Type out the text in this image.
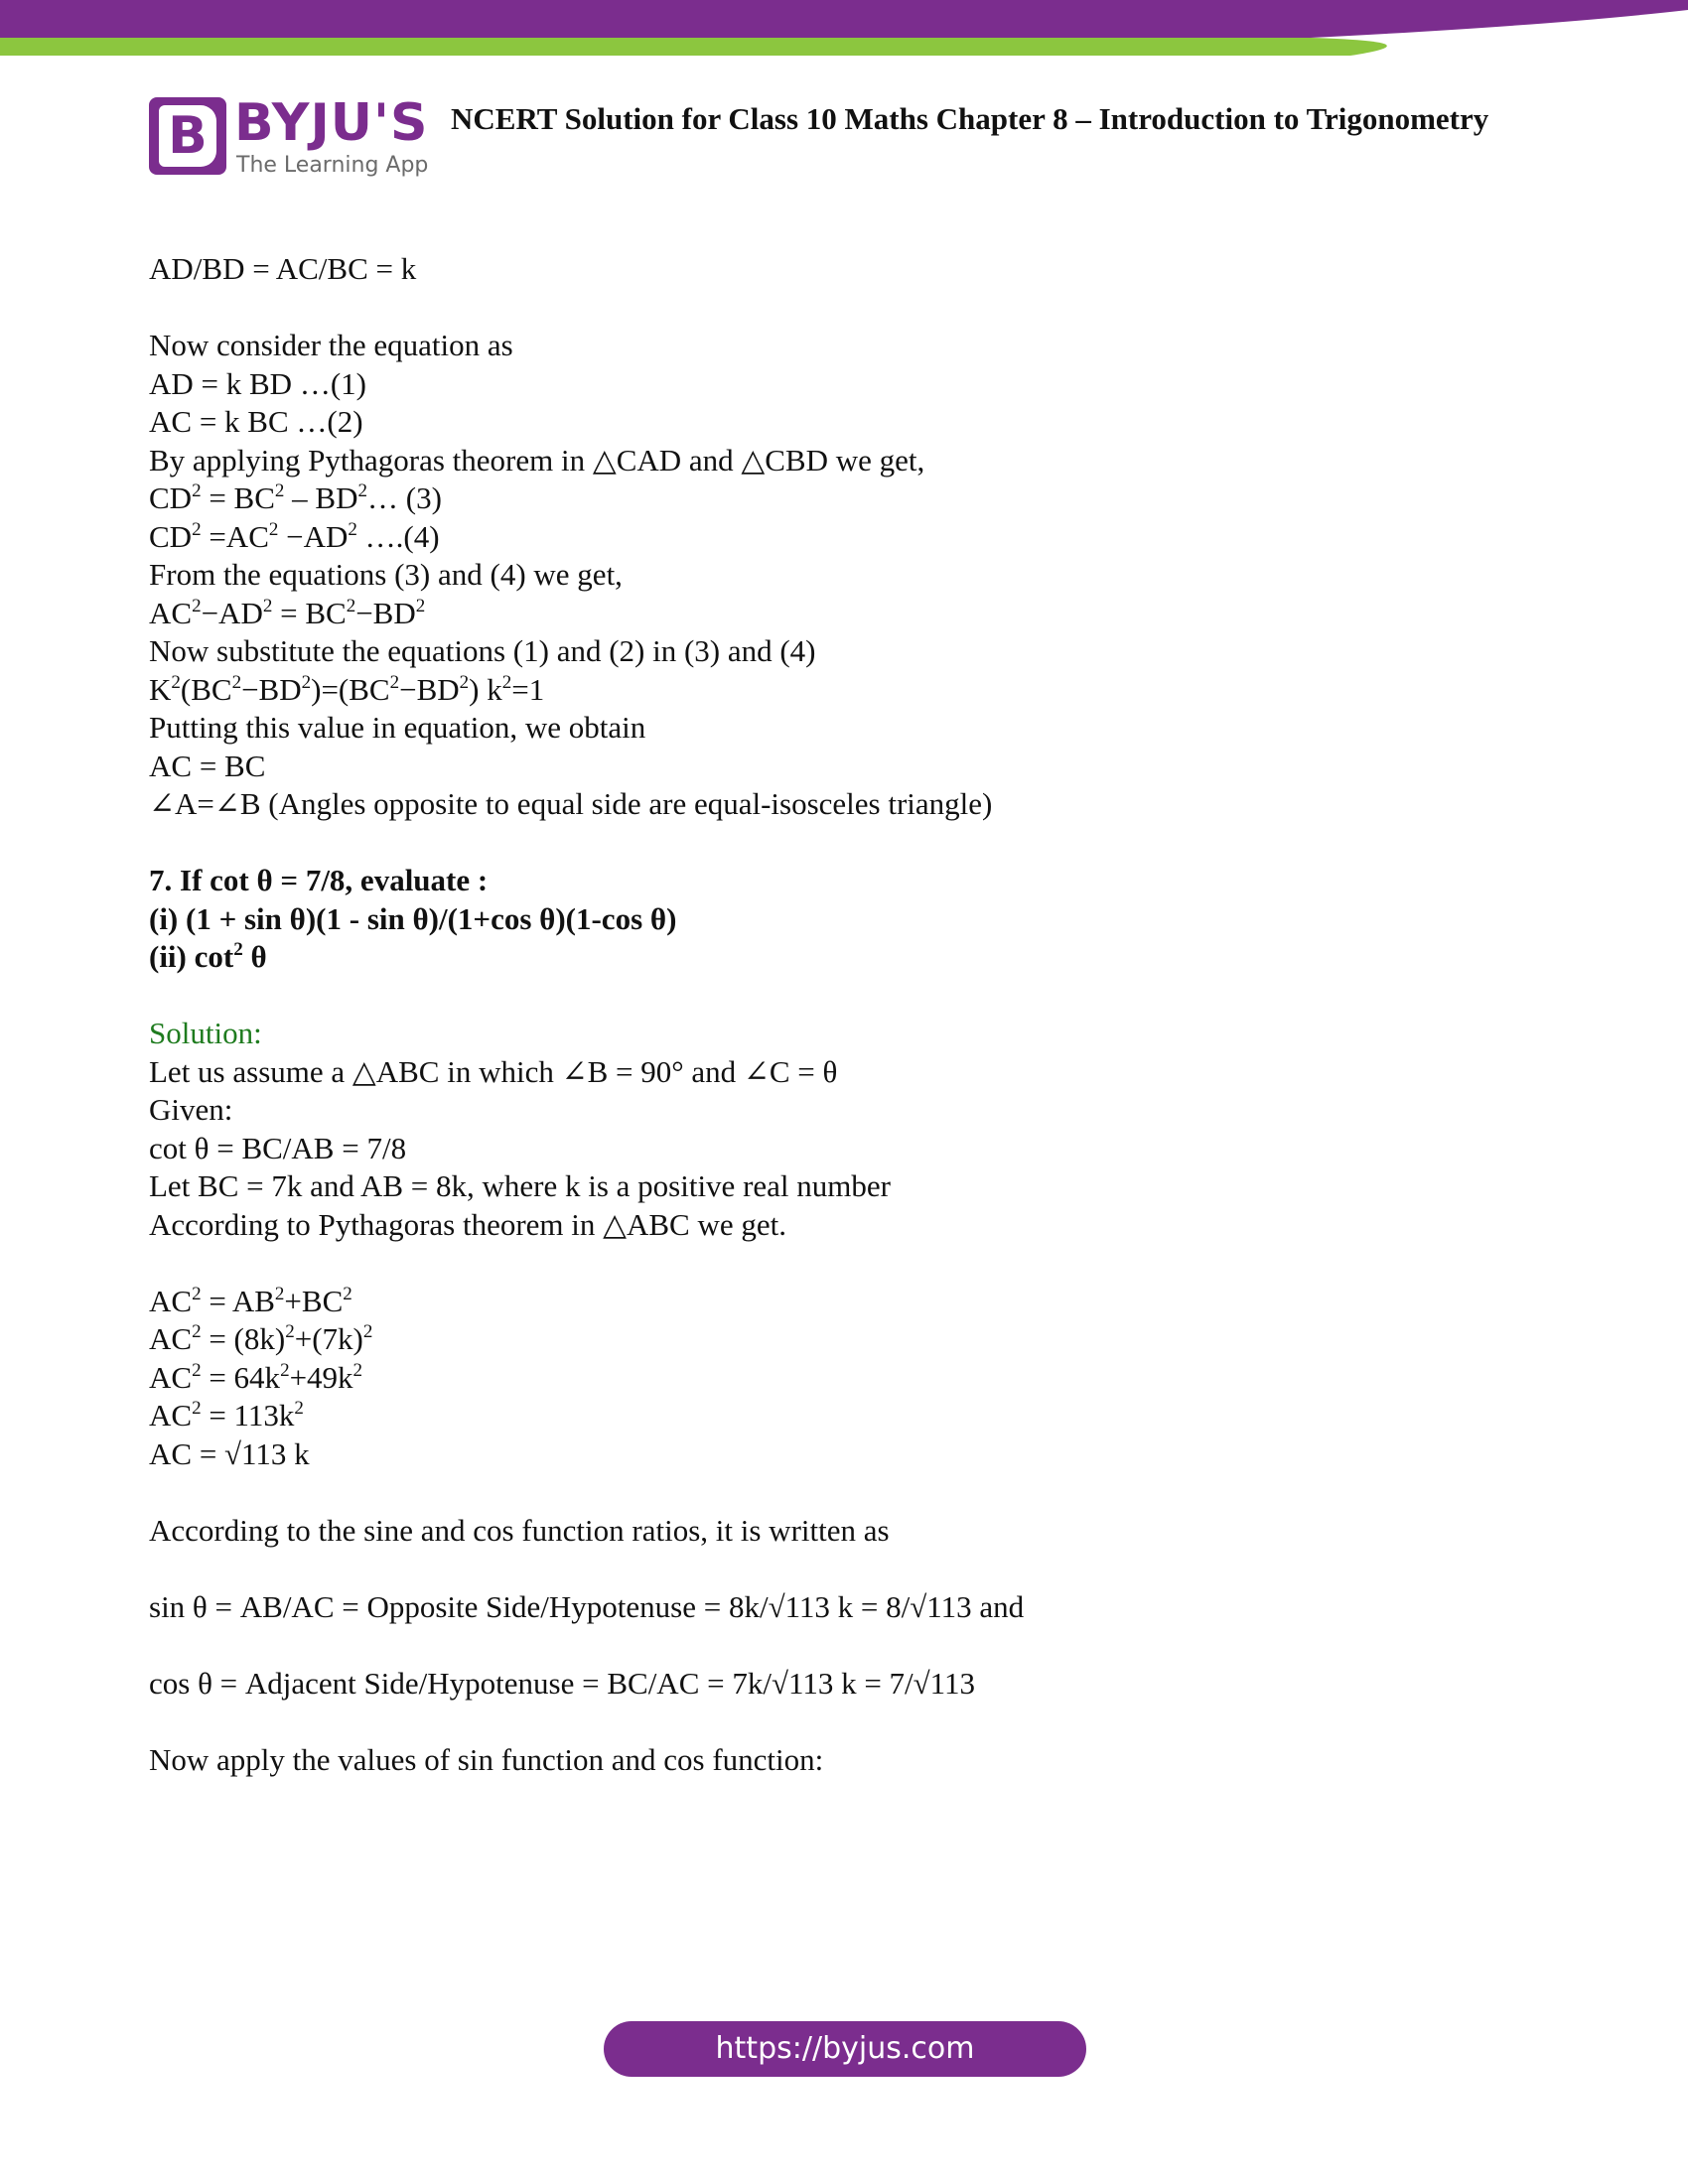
B BYJU'S
The Learning App
NCERT Solution for Class 10 Maths Chapter 8 – Introduction to Trigonometry
AD/BD = AC/BC = k
Now consider the equation as
AD = k BD …(1)
AC = k BC …(2)
By applying Pythagoras theorem in △CAD and △CBD we get,
$CD^2 = BC^2$ – $BD^2\dots$ (3)
$CD^2 =AC^2 -AD^2$ ….(4)
From the equations (3) and (4) we get,
$AC^2-AD^2 = BC^2-BD^2$
Now substitute the equations (1) and (2) in (3) and (4)
$K^2(BC^2-BD^2)=(BC^2-BD^2)$ $k^2=1$
Putting this value in equation, we obtain
AC = BC
∠A=∠B (Angles opposite to equal side are equal-isosceles triangle)
7. If cot θ = 7/8, evaluate :
(i) (1 + sin θ)(1 - sin θ)/(1+cos θ)(1-cos θ)
(ii) $\cot^2 \theta$
Solution:
Let us assume a △ABC in which ∠B = 90° and ∠C = θ
Given:
cot θ = BC/AB = 7/8
Let BC = 7k and AB = 8k, where k is a positive real number
According to Pythagoras theorem in △ABC we get.
$AC^2 = AB^2+BC^2$
$AC^2 = (8k)^2+(7k)^2$
$AC^2 = 64k^2+49k^2$
$AC^2 = 113k^2$
AC = √113 k
According to the sine and cos function ratios, it is written as
sin θ = AB/AC = Opposite Side/Hypotenuse = 8k/√113 k = 8/√113 and
cos θ = Adjacent Side/Hypotenuse = BC/AC = 7k/√113 k = 7/√113
Now apply the values of sin function and cos function:
https://byjus.com
